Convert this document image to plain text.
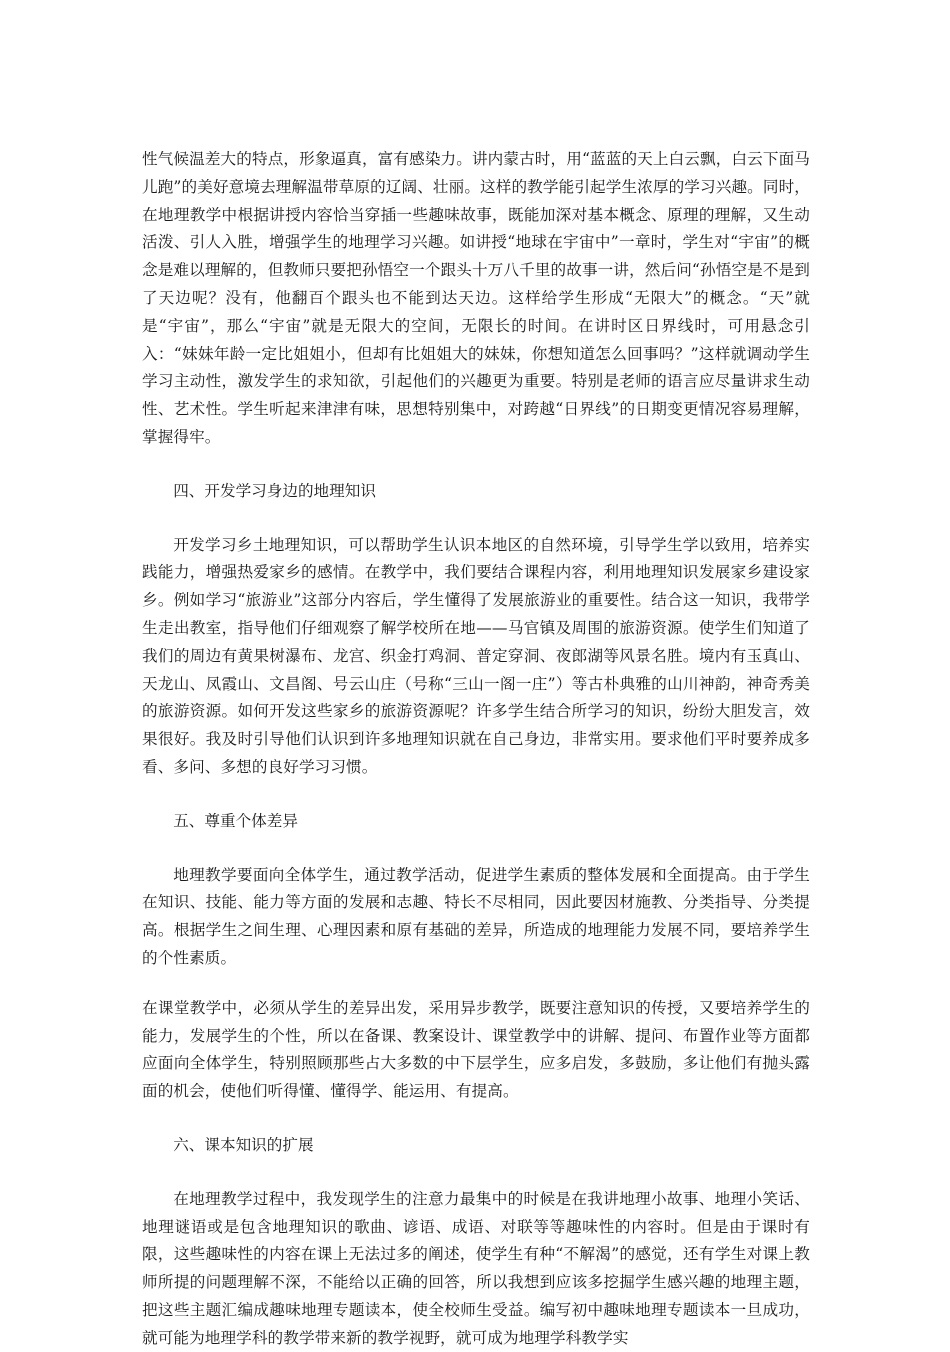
性气候温差大的特点，形象逼真，富有感染力。讲内蒙古时，用“蓝蓝的天上白云飘，白云下面马儿跑”的美好意境去理解温带草原的辽阔、壮丽。这样的教学能引起学生浓厚的学习兴趣。同时，在地理教学中根据讲授内容恰当穿插一些趣味故事，既能加深对基本概念、原理的理解，又生动活泼、引人入胜，增强学生的地理学习兴趣。如讲授“地球在宇宙中”一章时，学生对“宇宙”的概念是难以理解的，但教师只要把孙悟空一个跟头十万八千里的故事一讲，然后问“孙悟空是不是到了天边呢？没有，他翻百个跟头也不能到达天边。这样给学生形成“无限大”的概念。“天”就是“宇宙”，那么“宇宙”就是无限大的空间，无限长的时间。在讲时区日界线时，可用悬念引入：“妹妹年龄一定比姐姐小，但却有比姐姐大的妹妹，你想知道怎么回事吗？”这样就调动学生学习主动性，激发学生的求知欲，引起他们的兴趣更为重要。特别是老师的语言应尽量讲求生动性、艺术性。学生听起来津津有味，思想特别集中，对跨越“日界线”的日期变更情况容易理解，掌握得牢。

四、开发学习身边的地理知识

开发学习乡土地理知识，可以帮助学生认识本地区的自然环境，引导学生学以致用，培养实践能力，增强热爱家乡的感情。在教学中，我们要结合课程内容，利用地理知识发展家乡建设家乡。例如学习“旅游业”这部分内容后，学生懂得了发展旅游业的重要性。结合这一知识，我带学生走出教室，指导他们仔细观察了解学校所在地——马官镇及周围的旅游资源。使学生们知道了我们的周边有黄果树瀑布、龙宫、织金打鸡洞、普定穿洞、夜郎湖等风景名胜。境内有玉真山、天龙山、凤霞山、文昌阁、号云山庄（号称“三山一阁一庄”）等古朴典雅的山川神韵，神奇秀美的旅游资源。如何开发这些家乡的旅游资源呢？许多学生结合所学习的知识，纷纷大胆发言，效果很好。我及时引导他们认识到许多地理知识就在自己身边，非常实用。要求他们平时要养成多看、多问、多想的良好学习习惯。

五、尊重个体差异

地理教学要面向全体学生，通过教学活动，促进学生素质的整体发展和全面提高。由于学生在知识、技能、能力等方面的发展和志趣、特长不尽相同，因此要因材施教、分类指导、分类提高。根据学生之间生理、心理因素和原有基础的差异，所造成的地理能力发展不同，要培养学生的个性素质。

在课堂教学中，必须从学生的差异出发，采用异步教学，既要注意知识的传授，又要培养学生的能力，发展学生的个性，所以在备课、教案设计、课堂教学中的讲解、提问、布置作业等方面都应面向全体学生，特别照顾那些占大多数的中下层学生，应多启发，多鼓励，多让他们有抛头露面的机会，使他们听得懂、懂得学、能运用、有提高。

六、课本知识的扩展

在地理教学过程中，我发现学生的注意力最集中的时候是在我讲地理小故事、地理小笑话、地理谜语或是包含地理知识的歌曲、谚语、成语、对联等等趣味性的内容时。但是由于课时有限，这些趣味性的内容在课上无法过多的阐述，使学生有种“不解渴”的感觉，还有学生对课上教师所提的问题理解不深，不能给以正确的回答，所以我想到应该多挖掘学生感兴趣的地理主题，把这些主题汇编成趣味地理专题读本，使全校师生受益。编写初中趣味地理专题读本一旦成功，就可能为地理学科的教学带来新的教学视野，就可成为地理学科教学实
